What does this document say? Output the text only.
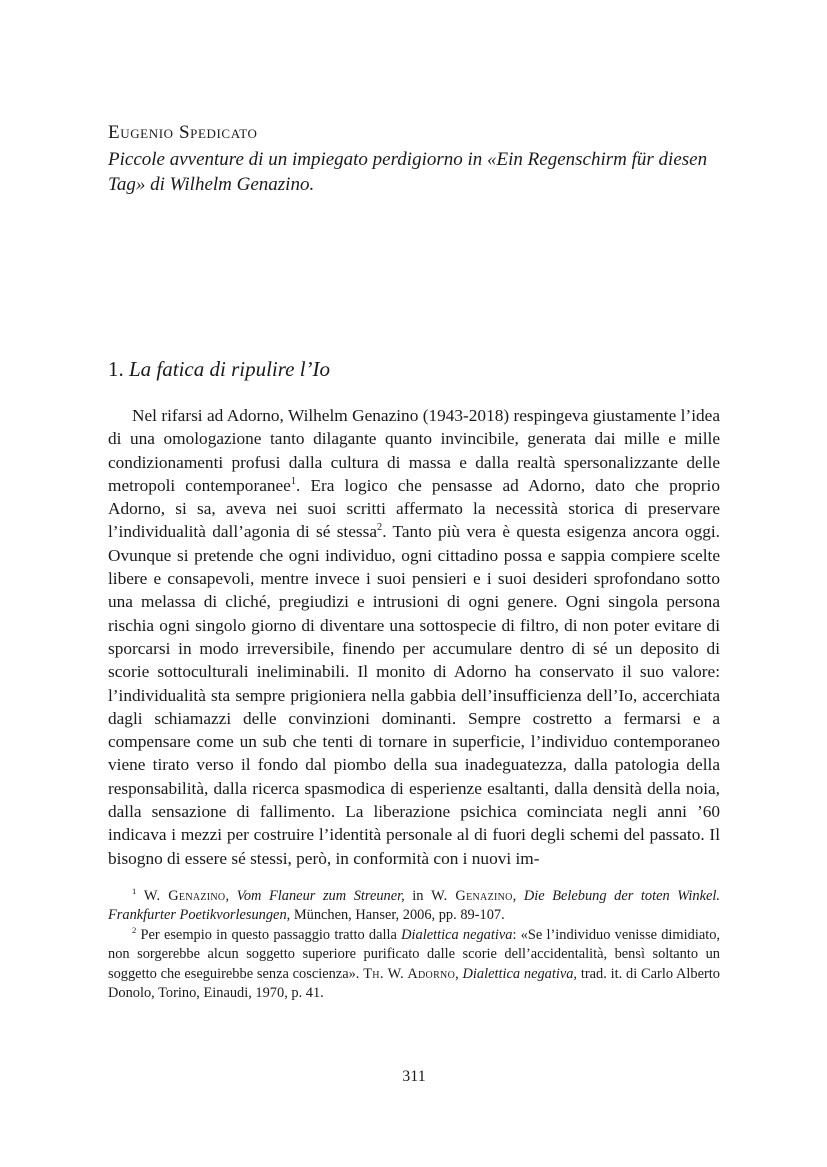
Eugenio Spedicato
Piccole avventure di un impiegato perdigiorno in «Ein Regenschirm für diesen Tag» di Wilhelm Genazino.
1. La fatica di ripulire l’Io

Nel rifarsi ad Adorno, Wilhelm Genazino (1943-2018) respingeva giustamente l’idea di una omologazione tanto dilagante quanto invincibile, generata dai mille e mille condizionamenti profusi dalla cultura di massa e dalla realtà spersonalizzante delle metropoli contemporanee$^1$. Era logico che pensasse ad Adorno, dato che proprio Adorno, si sa, aveva nei suoi scritti affermato la necessità storica di preservare l’individualità dall’agonia di sé stessa$^2$. Tanto più vera è questa esigenza ancora oggi. Ovunque si pretende che ogni individuo, ogni cittadino possa e sappia compiere scelte libere e consapevoli, mentre invece i suoi pensieri e i suoi desideri sprofondano sotto una melassa di cliché, pregiudizi e intrusioni di ogni genere. Ogni singola persona rischia ogni singolo giorno di diventare una sottospecie di filtro, di non poter evitare di sporcarsi in modo irreversibile, finendo per accumulare dentro di sé un deposito di scorie sottoculturali ineliminabili. Il monito di Adorno ha conservato il suo valore: l’individualità sta sempre prigioniera nella gabbia dell’insufficienza dell’Io, accerchiata dagli schiamazzi delle convinzioni dominanti. Sempre costretto a fermarsi e a compensare come un sub che tenti di tornare in superficie, l’individuo contemporaneo viene tirato verso il fondo dal piombo della sua inadeguatezza, dalla patologia della responsabilità, dalla ricerca spasmodica di esperienze esaltanti, dalla densità della noia, dalla sensazione di fallimento. La liberazione psichica cominciata negli anni ’60 indicava i mezzi per costruire l’identità personale al di fuori degli schemi del passato. Il bisogno di essere sé stessi, però, in conformità con i nuovi im-

$^1$ W. Genazino, Vom Flaneur zum Streuner, in W. Genazino, Die Belebung der toten Winkel. Frankfurter Poetikvorlesungen, München, Hanser, 2006, pp. 89-107.

$^2$ Per esempio in questo passaggio tratto dalla Dialettica negativa: «Se l’individuo venisse dimidiato, non sorgerebbe alcun soggetto superiore purificato dalle scorie dell’accidentalità, bensì soltanto un soggetto che eseguirebbe senza coscienza». Th. W. Adorno, Dialettica negativa, trad. it. di Carlo Alberto Donolo, Torino, Einaudi, 1970, p. 41.

311
